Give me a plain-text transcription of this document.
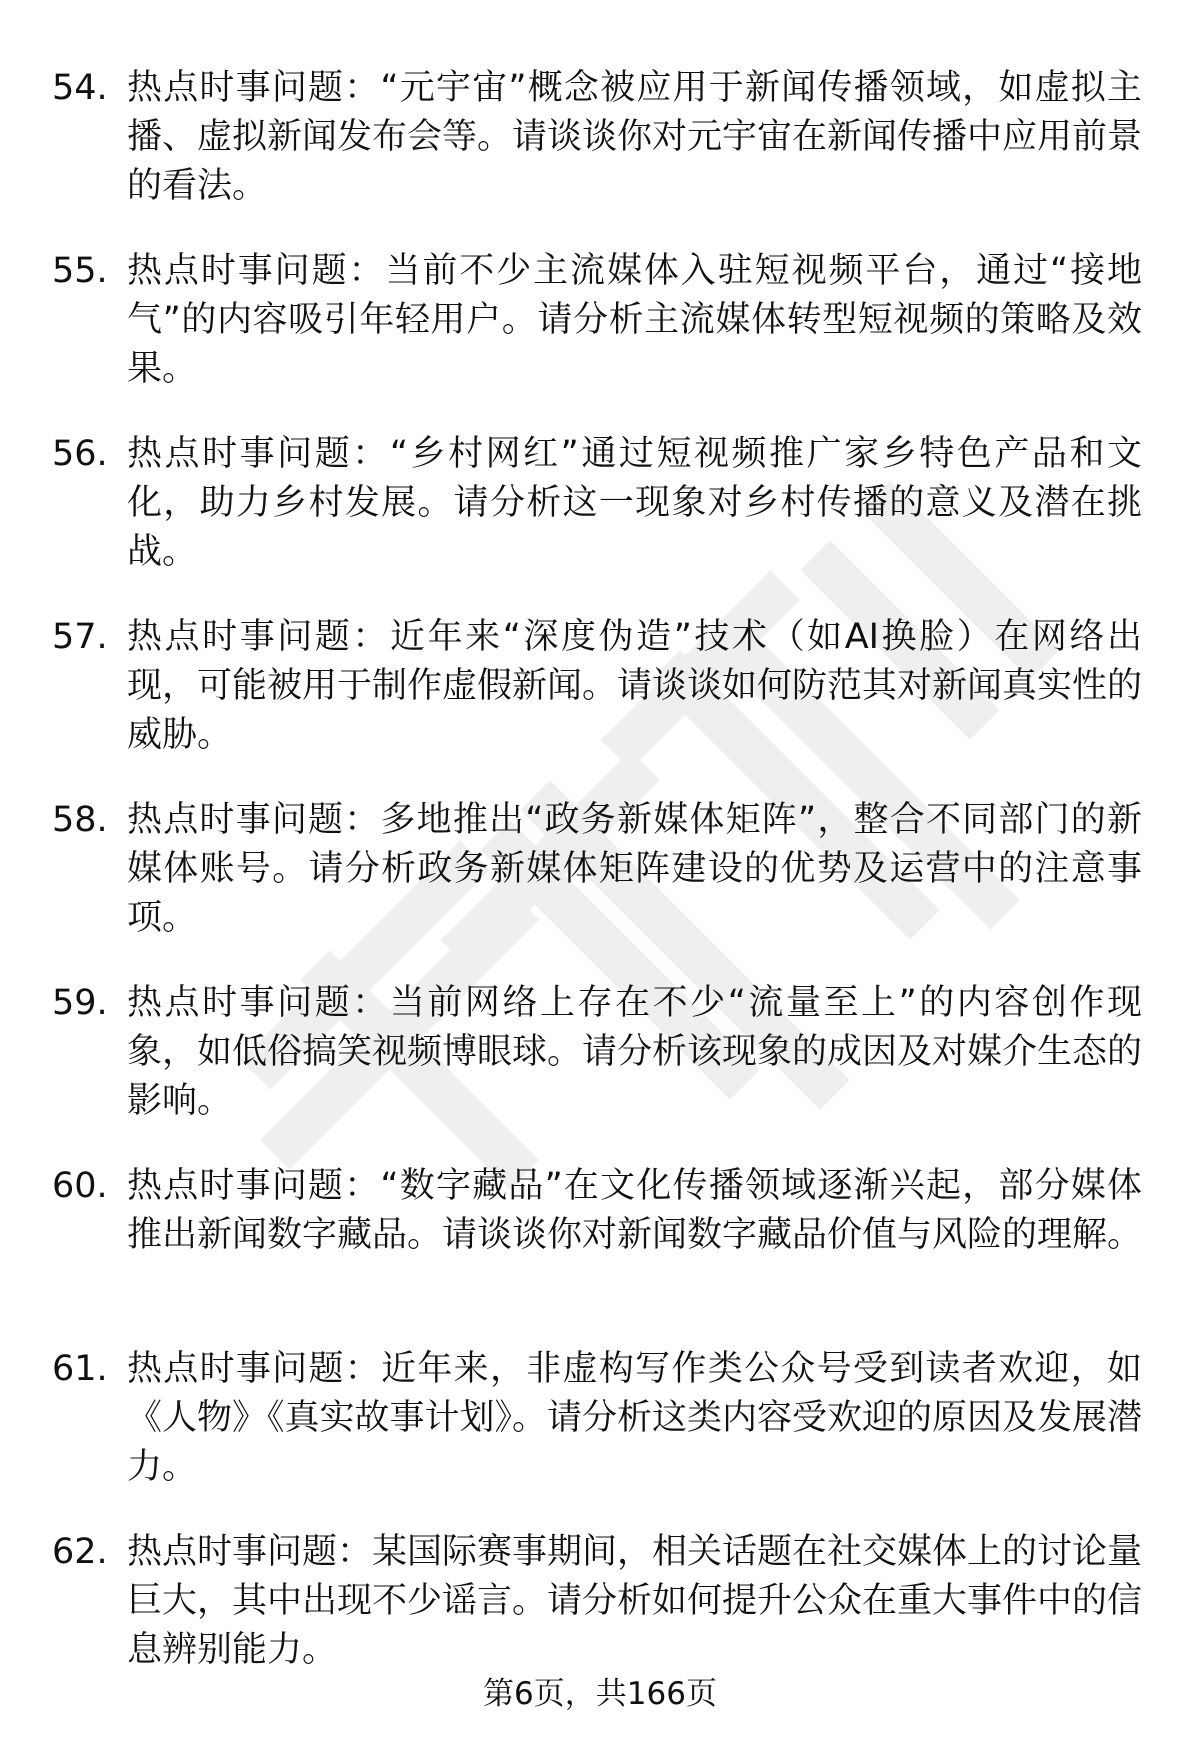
54. 热点时事问题：“元宇宙”概念被应用于新闻传播领域，如虚拟主播、虚拟新闻发布会等。请谈谈你对元宇宙在新闻传播中应用前景的看法。

55. 热点时事问题：当前不少主流媒体入驻短视频平台，通过“接地气”的内容吸引年轻用户。请分析主流媒体转型短视频的策略及效果。

56. 热点时事问题：“乡村网红”通过短视频推广家乡特色产品和文化，助力乡村发展。请分析这一现象对乡村传播的意义及潜在挑战。

57. 热点时事问题：近年来“深度伪造”技术（如AI换脸）在网络出现，可能被用于制作虚假新闻。请谈谈如何防范其对新闻真实性的威胁。

58. 热点时事问题：多地推出“政务新媒体矩阵”，整合不同部门的新媒体账号。请分析政务新媒体矩阵建设的优势及运营中的注意事项。

59. 热点时事问题：当前网络上存在不少“流量至上”的内容创作现象，如低俗搞笑视频博眼球。请分析该现象的成因及对媒介生态的影响。

60. 热点时事问题：“数字藏品”在文化传播领域逐渐兴起，部分媒体推出新闻数字藏品。请谈谈你对新闻数字藏品价值与风险的理解。

61. 热点时事问题：近年来，非虚构写作类公众号受到读者欢迎，如《人物》《真实故事计划》。请分析这类内容受欢迎的原因及发展潜力。

62. 热点时事问题：某国际赛事期间，相关话题在社交媒体上的讨论量巨大，其中出现不少谣言。请分析如何提升公众在重大事件中的信息辨别能力。

第6页，共166页
